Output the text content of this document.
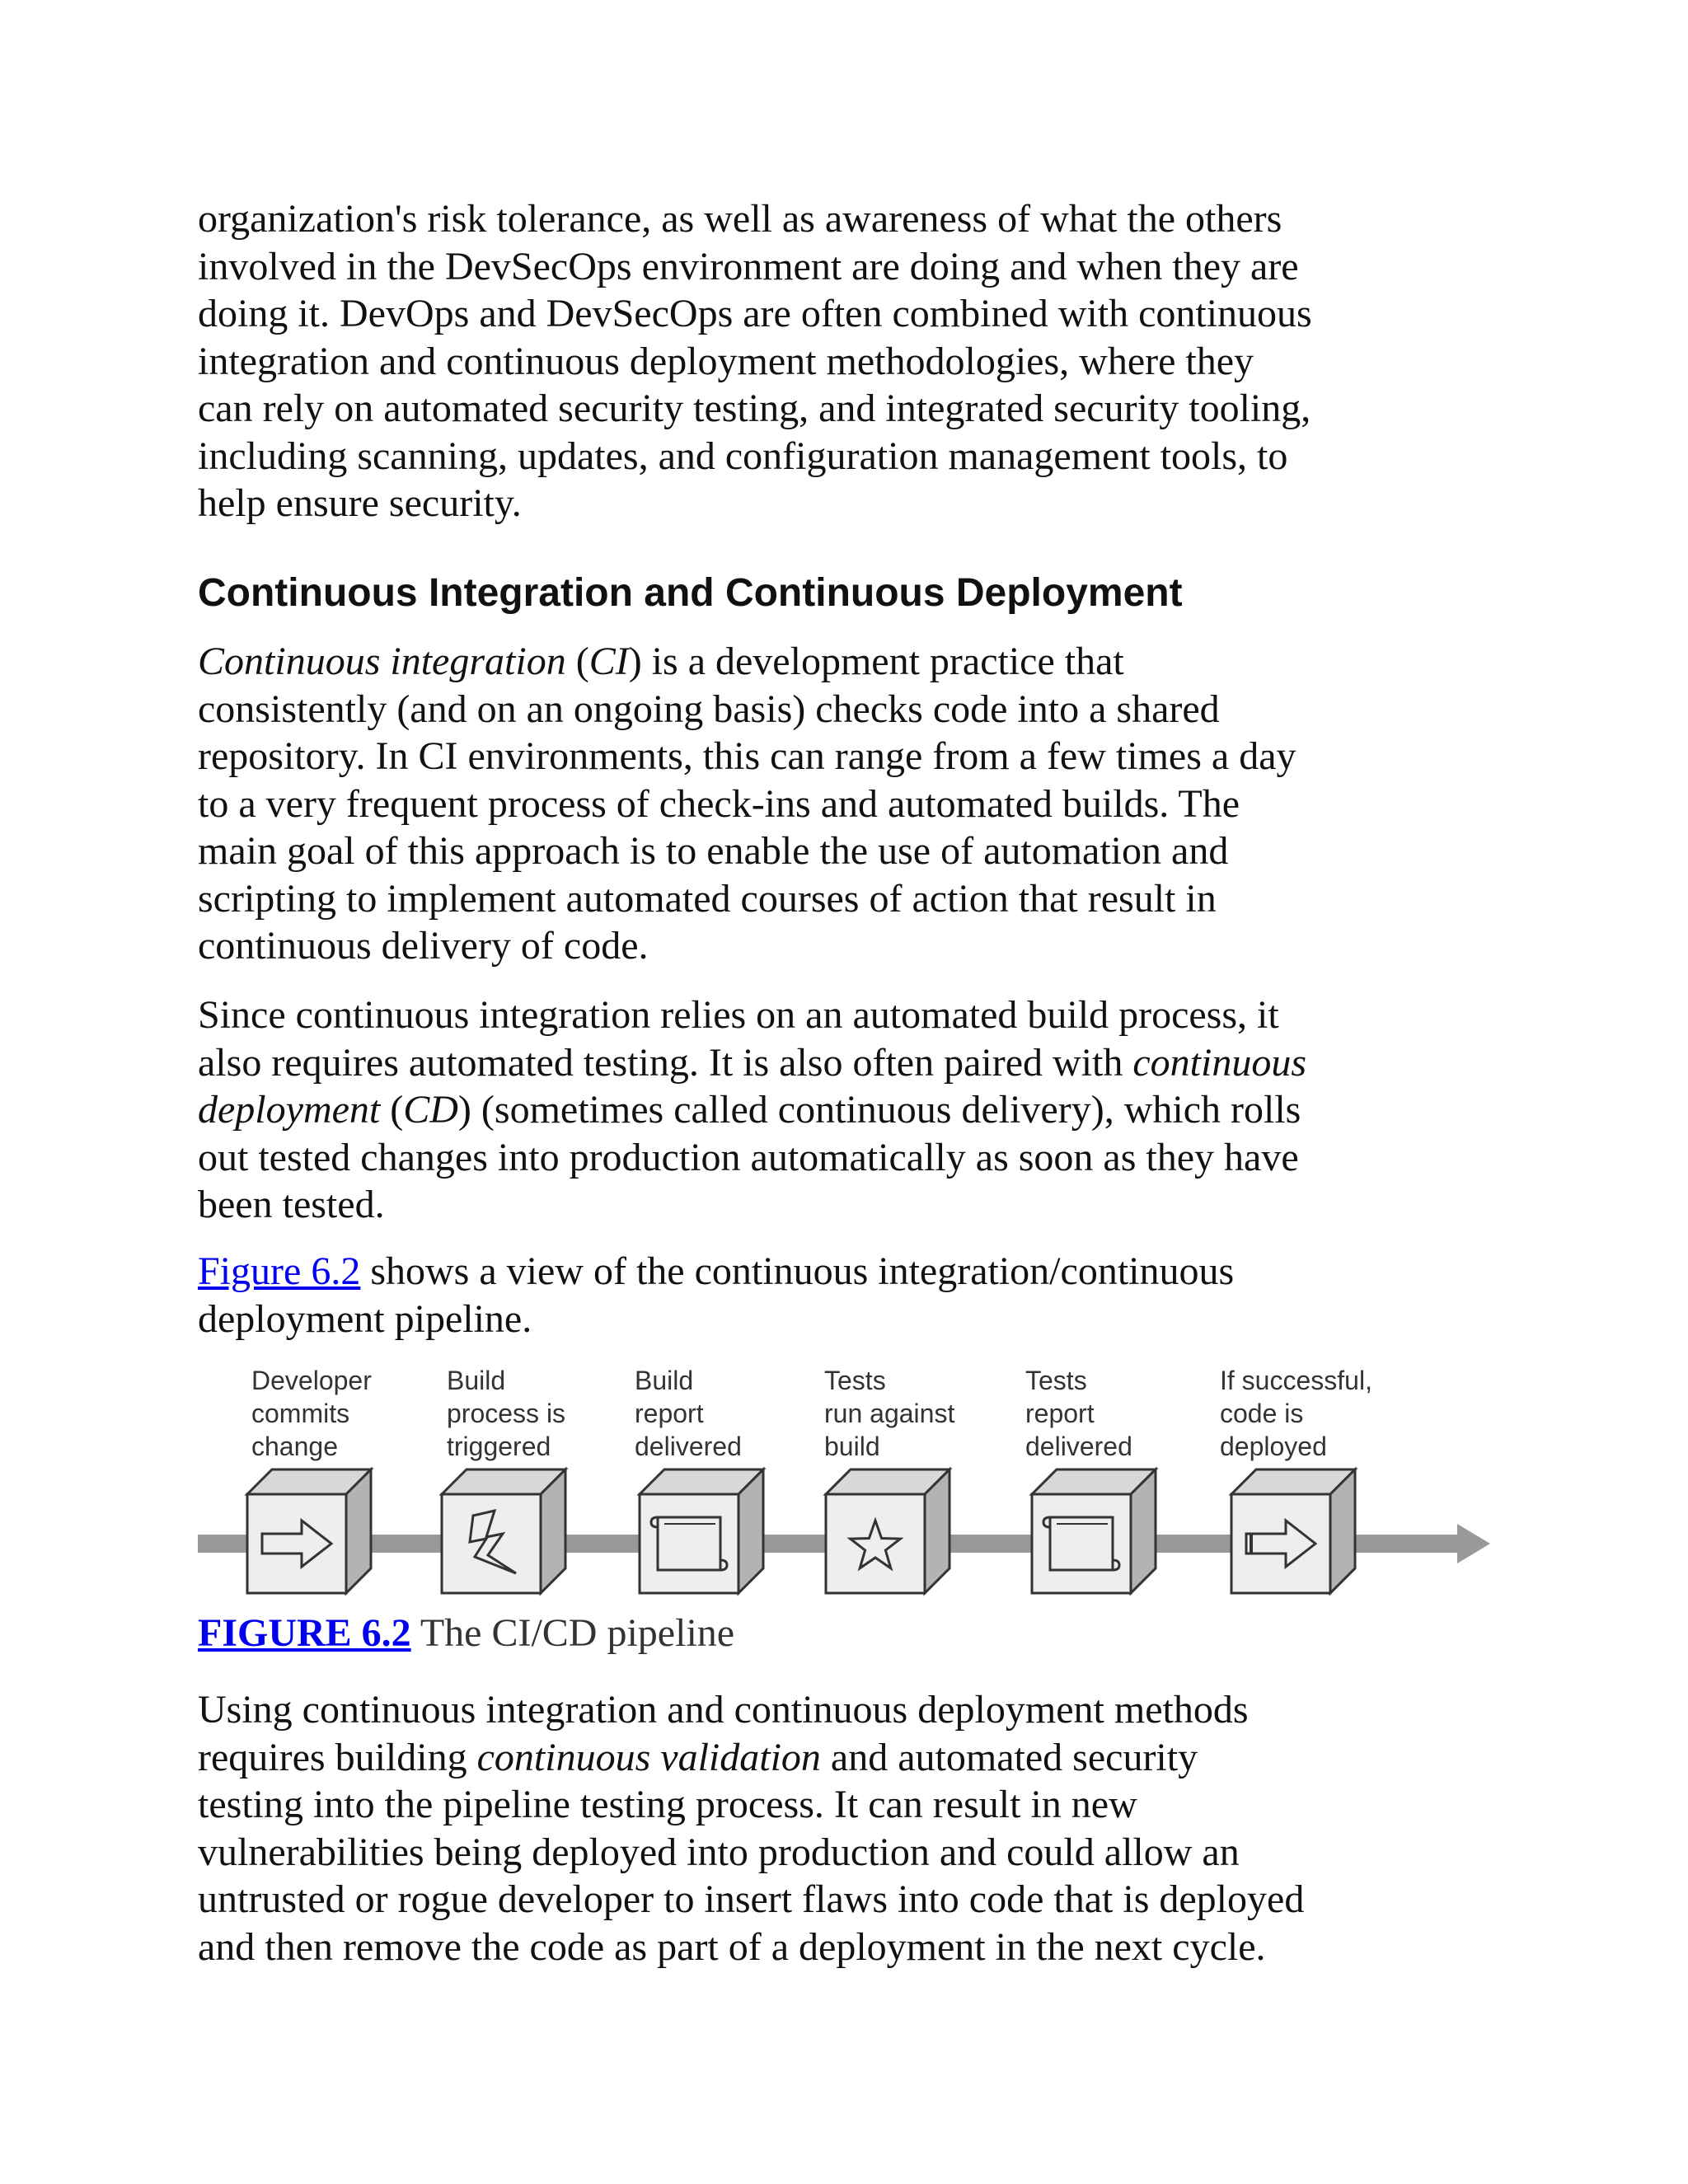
organization's risk tolerance, as well as awareness of what the others
involved in the DevSecOps environment are doing and when they are
doing it. DevOps and DevSecOps are often combined with continuous
integration and continuous deployment methodologies, where they
can rely on automated security testing, and integrated security tooling,
including scanning, updates, and configuration management tools, to
help ensure security.

Continuous Integration and Continuous Deployment

Continuous integration (CI) is a development practice that
consistently (and on an ongoing basis) checks code into a shared
repository. In CI environments, this can range from a few times a day
to a very frequent process of check-ins and automated builds. The
main goal of this approach is to enable the use of automation and
scripting to implement automated courses of action that result in
continuous delivery of code.

Since continuous integration relies on an automated build process, it
also requires automated testing. It is also often paired with continuous
deployment (CD) (sometimes called continuous delivery), which rolls
out tested changes into production automatically as soon as they have
been tested.

Figure 6.2 shows a view of the continuous integration/continuous
deployment pipeline.

Developer
commits
change
Build
process is
triggered
Build
report
delivered
Tests
run against
build
Tests
report
delivered
If successful,
code is
deployed

FIGURE 6.2 The CI/CD pipeline

Using continuous integration and continuous deployment methods
requires building continuous validation and automated security
testing into the pipeline testing process. It can result in new
vulnerabilities being deployed into production and could allow an
untrusted or rogue developer to insert flaws into code that is deployed
and then remove the code as part of a deployment in the next cycle.
